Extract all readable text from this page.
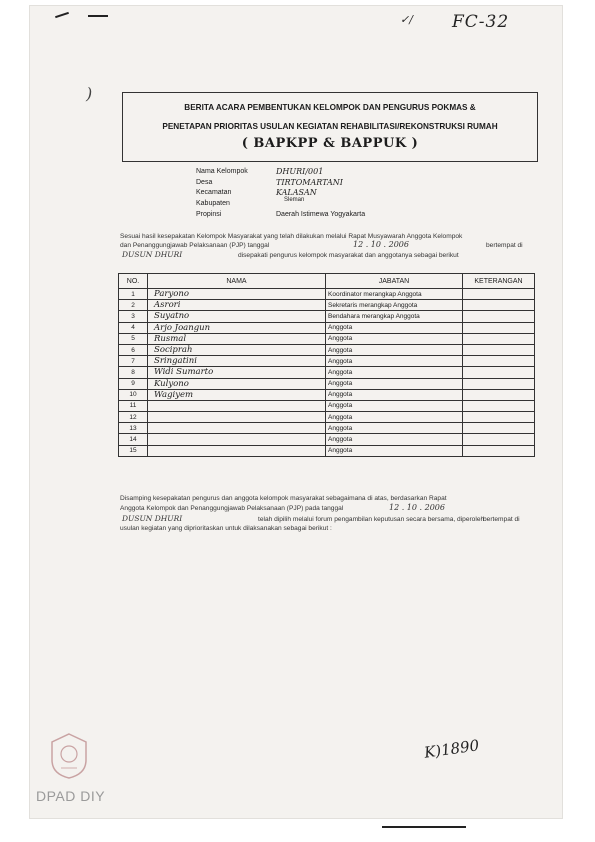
✓/ FC-32
)
BERITA ACARA PEMBENTUKAN KELOMPOK DAN PENGURUS POKMAS &
PENETAPAN PRIORITAS USULAN KEGIATAN REHABILITASI/REKONSTRUKSI RUMAH
( BAPKPP & BAPPUK )
Nama Kelompok	DHURI/001
Desa	TIRTOMARTANI
Kecamatan	KALASAN
Kabupaten	Sleman
Propinsi	Daerah Istimewa Yogyakarta
Sesuai hasil kesepakatan Kelompok Masyarakat yang telah dilakukan melalui Rapat Musyawarah Anggota Kelompok
dan Penanggungjawab Pelaksanaan (PJP) tanggal	12 . 10 . 2006	bertempat di
DUSUN DHURI	disepakati pengurus kelompok masyarakat dan anggotanya sebagai berikut
NO.	NAMA	JABATAN	KETERANGAN
1	Paryono	Koordinator merangkap Anggota	
2	Asrori	Sekretaris merangkap Anggota	
3	Suyatno	Bendahara merangkap Anggota	
4	Arjo Joangun	Anggota	
5	Rusmal	Anggota	
6	Sociprah	Anggota	
7	Sringatini	Anggota	
8	Widi Sumarto	Anggota	
9	Kulyono	Anggota	
10	Wagiyem	Anggota	
11		Anggota	
12		Anggota	
13		Anggota	
14		Anggota	
15		Anggota	
Disamping kesepakatan pengurus dan anggota kelompok masyarakat sebagaimana di atas, berdasarkan Rapat
Anggota Kelompok dan Penanggungjawab Pelaksanaan (PJP) pada tanggal	12 . 10 . 2006
bertempat di
DUSUN DHURI	telah dipilih melalui forum pengambilan keputusan secara bersama, diperoleh
usulan kegiatan yang diprioritaskan untuk dilaksanakan sebagai berikut :
K)1890
DPAD DIY
